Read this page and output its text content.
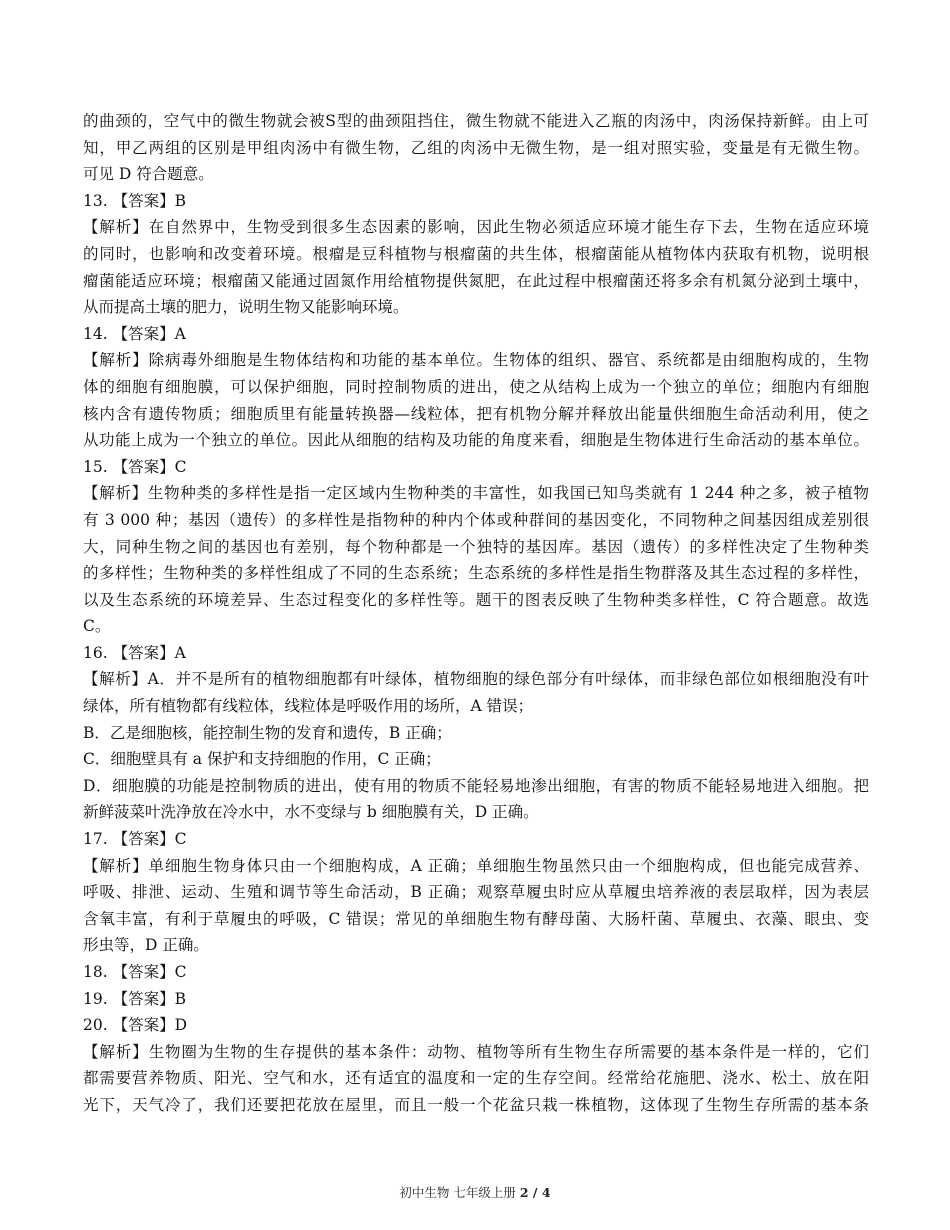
的曲颈的，空气中的微生物就会被S型的曲颈阻挡住，微生物就不能进入乙瓶的肉汤中，肉汤保持新鲜。由上可
知，甲乙两组的区别是甲组肉汤中有微生物，乙组的肉汤中无微生物，是一组对照实验，变量是有无微生物。
可见 D 符合题意。
13. 【答案】B
【解析】在自然界中，生物受到很多生态因素的影响，因此生物必须适应环境才能生存下去，生物在适应环境
的同时，也影响和改变着环境。根瘤是豆科植物与根瘤菌的共生体，根瘤菌能从植物体内获取有机物，说明根
瘤菌能适应环境；根瘤菌又能通过固氮作用给植物提供氮肥，在此过程中根瘤菌还将多余有机氮分泌到土壤中，
从而提高土壤的肥力，说明生物又能影响环境。
14. 【答案】A
【解析】除病毒外细胞是生物体结构和功能的基本单位。生物体的组织、器官、系统都是由细胞构成的，生物
体的细胞有细胞膜，可以保护细胞，同时控制物质的进出，使之从结构上成为一个独立的单位；细胞内有细胞
核内含有遗传物质；细胞质里有能量转换器—线粒体，把有机物分解并释放出能量供细胞生命活动利用，使之
从功能上成为一个独立的单位。因此从细胞的结构及功能的角度来看，细胞是生物体进行生命活动的基本单位。
15. 【答案】C
【解析】生物种类的多样性是指一定区域内生物种类的丰富性，如我国已知鸟类就有 1 244 种之多，被子植物
有 3 000 种；基因（遗传）的多样性是指物种的种内个体或种群间的基因变化，不同物种之间基因组成差别很
大，同种生物之间的基因也有差别，每个物种都是一个独特的基因库。基因（遗传）的多样性决定了生物种类
的多样性；生物种类的多样性组成了不同的生态系统；生态系统的多样性是指生物群落及其生态过程的多样性，
以及生态系统的环境差异、生态过程变化的多样性等。题干的图表反映了生物种类多样性，C 符合题意。故选
C。
16. 【答案】A
【解析】A．并不是所有的植物细胞都有叶绿体，植物细胞的绿色部分有叶绿体，而非绿色部位如根细胞没有叶
绿体，所有植物都有线粒体，线粒体是呼吸作用的场所，A 错误；
B．乙是细胞核，能控制生物的发育和遗传，B 正确；
C．细胞壁具有 a 保护和支持细胞的作用，C 正确；
D．细胞膜的功能是控制物质的进出，使有用的物质不能轻易地渗出细胞，有害的物质不能轻易地进入细胞。把
新鲜菠菜叶洗净放在冷水中，水不变绿与 b 细胞膜有关，D 正确。
17. 【答案】C
【解析】单细胞生物身体只由一个细胞构成，A 正确；单细胞生物虽然只由一个细胞构成，但也能完成营养、
呼吸、排泄、运动、生殖和调节等生命活动，B 正确；观察草履虫时应从草履虫培养液的表层取样，因为表层
含氧丰富，有利于草履虫的呼吸，C 错误；常见的单细胞生物有酵母菌、大肠杆菌、草履虫、衣藻、眼虫、变
形虫等，D 正确。
18. 【答案】C
19. 【答案】B
20. 【答案】D
【解析】生物圈为生物的生存提供的基本条件：动物、植物等所有生物生存所需要的基本条件是一样的，它们
都需要营养物质、阳光、空气和水，还有适宜的温度和一定的生存空间。经常给花施肥、浇水、松土、放在阳
光下，天气冷了，我们还要把花放在屋里，而且一般一个花盆只栽一株植物，这体现了生物生存所需的基本条
初中生物 七年级上册 2 / 4
